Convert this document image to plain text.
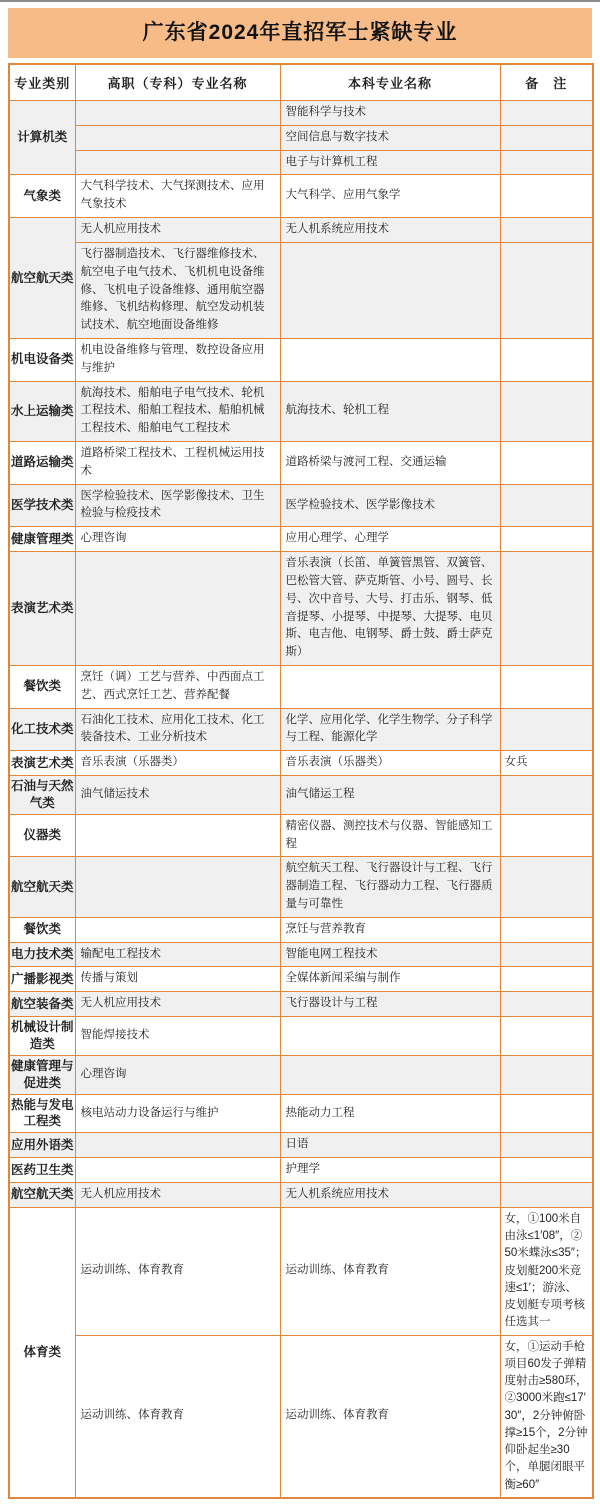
广东省2024年直招军士紧缺专业
专业类别	高职（专科）专业名称	本科专业名称	备　注
计算机类		智能科学与技术	
		空间信息与数字技术	
		电子与计算机工程	
气象类	大气科学技术、大气探测技术、应用气象技术	大气科学、应用气象学	
航空航天类	无人机应用技术	无人机系统应用技术	
	飞行器制造技术、飞行器维修技术、航空电子电气技术、飞机机电设备维修、飞机电子设备维修、通用航空器维修、飞机结构修理、航空发动机装试技术、航空地面设备维修		
机电设备类	机电设备维修与管理、数控设备应用与维护		
水上运输类	航海技术、船舶电子电气技术、轮机工程技术、船舶工程技术、船舶机械工程技术、船舶电气工程技术	航海技术、轮机工程	
道路运输类	道路桥梁工程技术、工程机械运用技术	道路桥梁与渡河工程、交通运输	
医学技术类	医学检验技术、医学影像技术、卫生检验与检疫技术	医学检验技术、医学影像技术	
健康管理类	心理咨询	应用心理学、心理学	
表演艺术类		音乐表演（长笛、单簧管黑管、双簧管、巴松管大管、萨克斯管、小号、圆号、长号、次中音号、大号、打击乐、钢琴、低音提琴、小提琴、中提琴、大提琴、电贝斯、电吉他、电钢琴、爵士鼓、爵士萨克斯）	
餐饮类	烹饪（调）工艺与营养、中西面点工艺、西式烹饪工艺、营养配餐		
化工技术类	石油化工技术、应用化工技术、化工装备技术、工业分析技术	化学、应用化学、化学生物学、分子科学与工程、能源化学	
表演艺术类	音乐表演（乐器类）	音乐表演（乐器类）	女兵
石油与天然气类	油气储运技术	油气储运工程	
仪器类		精密仪器、测控技术与仪器、智能感知工程	
航空航天类		航空航天工程、飞行器设计与工程、飞行器制造工程、飞行器动力工程、飞行器质量与可靠性	
餐饮类		烹饪与营养教育	
电力技术类	输配电工程技术	智能电网工程技术	
广播影视类	传播与策划	全媒体新闻采编与制作	
航空装备类	无人机应用技术	飞行器设计与工程	
机械设计制造类	智能焊接技术		
健康管理与促进类	心理咨询		
热能与发电工程类	核电站动力设备运行与维护	热能动力工程	
应用外语类		日语	
医药卫生类		护理学	
航空航天类	无人机应用技术	无人机系统应用技术	
体育类	运动训练、体育教育	运动训练、体育教育	女，①100米自由泳≤1′08″，②50米蝶泳≤35″；皮划艇200米竞速≤1′；游泳、皮划艇专项考核任选其一
	运动训练、体育教育	运动训练、体育教育	女，①运动手枪项目60发子弹精度射击≥580环，②3000米跑≤17′30″，2分钟俯卧撑≥15个，2分钟仰卧起坐≥30个，单腿闭眼平衡≥60″
